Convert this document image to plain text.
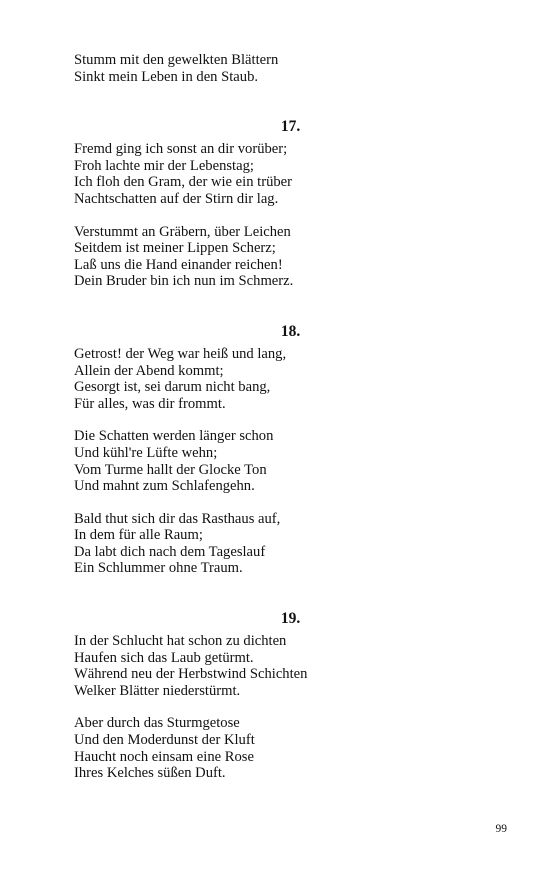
Stumm mit den gewelkten Blättern
Sinkt mein Leben in den Staub.
17.
Fremd ging ich sonst an dir vorüber;
Froh lachte mir der Lebenstag;
Ich floh den Gram, der wie ein trüber
Nachtschatten auf der Stirn dir lag.
Verstummt an Gräbern, über Leichen
Seitdem ist meiner Lippen Scherz;
Laß uns die Hand einander reichen!
Dein Bruder bin ich nun im Schmerz.
18.
Getrost! der Weg war heiß und lang,
Allein der Abend kommt;
Gesorgt ist, sei darum nicht bang,
Für alles, was dir frommt.
Die Schatten werden länger schon
Und kühl're Lüfte wehn;
Vom Turme hallt der Glocke Ton
Und mahnt zum Schlafengehn.
Bald thut sich dir das Rasthaus auf,
In dem für alle Raum;
Da labt dich nach dem Tageslauf
Ein Schlummer ohne Traum.
19.
In der Schlucht hat schon zu dichten
Haufen sich das Laub getürmt.
Während neu der Herbstwind Schichten
Welker Blätter niederstürmt.
Aber durch das Sturmgetose
Und den Moderdunst der Kluft
Haucht noch einsam eine Rose
Ihres Kelches süßen Duft.
99
